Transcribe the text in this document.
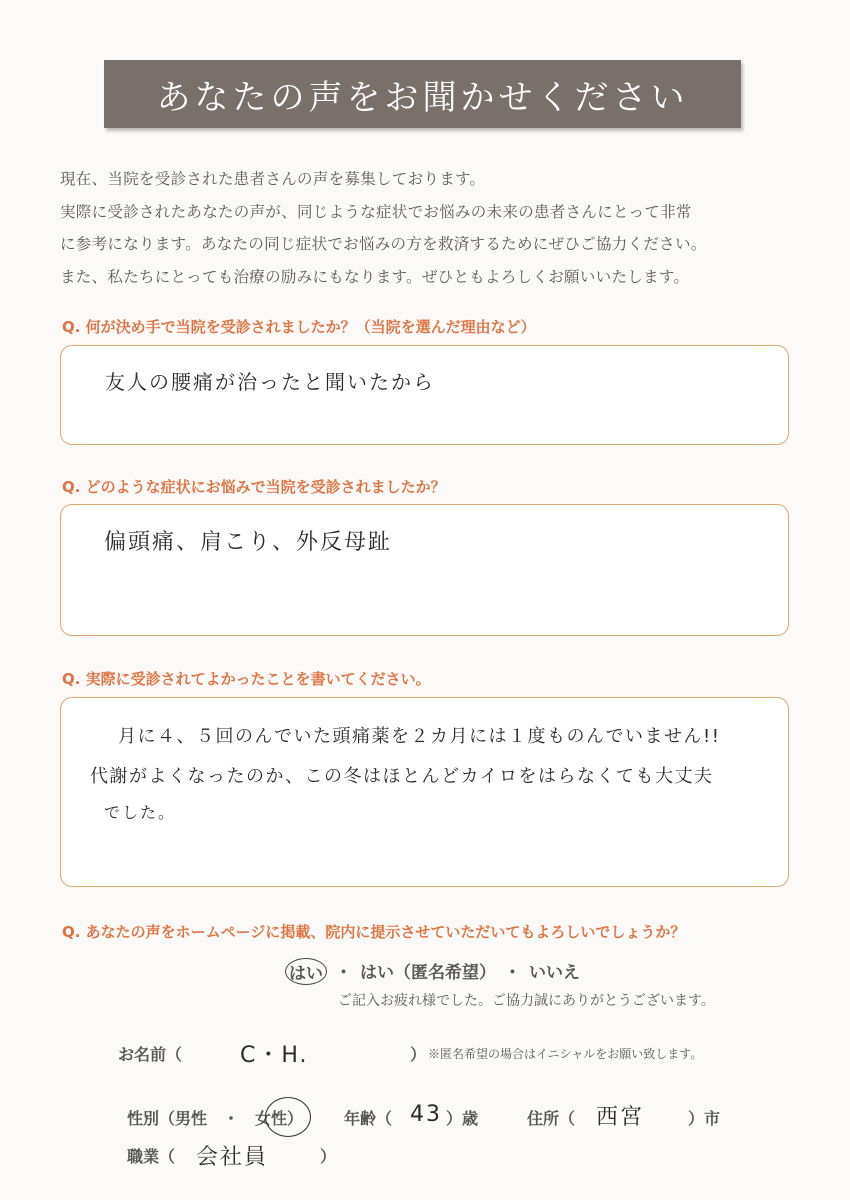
あなたの声をお聞かせください

現在、当院を受診された患者さんの声を募集しております。

実際に受診されたあなたの声が、同じような症状でお悩みの未来の患者さんにとって非常

に参考になります。あなたの同じ症状でお悩みの方を救済するためにぜひご協力ください。

また、私たちにとっても治療の励みにもなります。ぜひともよろしくお願いいたします。

Q. 何が決め手で当院を受診されましたか？（当院を選んだ理由など）
友人の腰痛が治ったと聞いたから
Q. どのような症状にお悩みで当院を受診されましたか？
偏頭痛、肩こり、外反母趾
Q. 実際に受診されてよかったことを書いてください。
月に４、５回のんでいた頭痛薬を２カ月には１度ものんでいません!!
代謝がよくなったのか、この冬はほとんどカイロをはらなくても大丈夫
でした。
Q. あなたの声をホームページに掲載、院内に提示させていただいてもよろしいでしょうか？
はい ・ はい（匿名希望） ・ いいえ
ご記入お疲れ様でした。ご協力誠にありがとうございます。
お名前（	C・H.	） ※匿名希望の場合はイニシャルをお願い致します。
性別（男性　・　女性）	年齢（ 43 ）歳	住所（ 西宮	）市
職業（ 会社員	）
